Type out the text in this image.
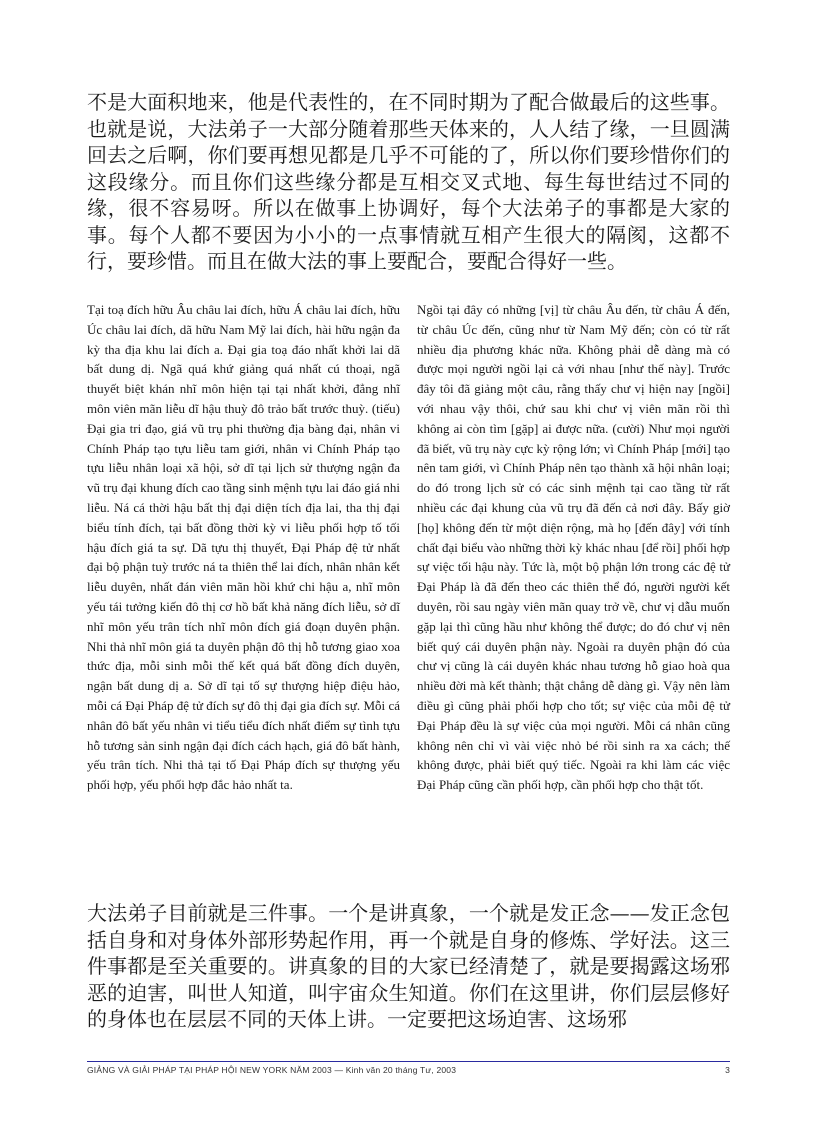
不是大面积地来，他是代表性的，在不同时期为了配合做最后的这些事。也就是说，大法弟子一大部分随着那些天体来的，人人结了缘，一旦圆满回去之后啊，你们要再想见都是几乎不可能的了，所以你们要珍惜你们的这段缘分。而且你们这些缘分都是互相交叉式地、每生每世结过不同的缘，很不容易呀。所以在做事上协调好，每个大法弟子的事都是大家的事。每个人都不要因为小小的一点事情就互相产生很大的隔阂，这都不行，要珍惜。而且在做大法的事上要配合，要配合得好一些。

Tại toạ đích hữu Âu châu lai đích, hữu Á châu lai đích, hữu Úc châu lai đích, dã hữu Nam Mỹ lai đích, hài hữu ngận đa kỳ tha địa khu lai đích a. Đại gia toạ đáo nhất khởi lai dã bất dung dị. Ngã quá khứ giảng quá nhất cú thoại, ngã thuyết biệt khán nhĩ môn hiện tại tại nhất khởi, đẳng nhĩ môn viên mãn liễu dĩ hậu thuỳ đô trảo bất trước thuỳ. (tiếu) Đại gia tri đạo, giá vũ trụ phi thường địa bàng đại, nhân vi Chính Pháp tạo tựu liễu tam giới, nhân vi Chính Pháp tạo tựu liễu nhân loại xã hội, sở dĩ tại lịch sử thượng ngận đa vũ trụ đại khung đích cao tầng sinh mệnh tựu lai đáo giá nhi liễu. Ná cá thời hậu bất thị đại diện tích địa lai, tha thị đại biểu tính đích, tại bất đồng thời kỳ vi liễu phối hợp tố tối hậu đích giá ta sự. Dã tựu thị thuyết, Đại Pháp đệ tử nhất đại bộ phận tuỳ trước ná ta thiên thể lai đích, nhân nhân kết liễu duyên, nhất đán viên mãn hồi khứ chi hậu a, nhĩ môn yếu tái tưởng kiến đô thị cơ hồ bất khả năng đích liễu, sở dĩ nhĩ môn yếu trân tích nhĩ môn đích giá đoạn duyên phận. Nhi thả nhĩ môn giá ta duyên phận đô thị hỗ tương giao xoa thức địa, mỗi sinh mỗi thế kết quá bất đồng đích duyên, ngận bất dung dị a. Sở dĩ tại tố sự thượng hiệp điệu hảo, mỗi cá Đại Pháp đệ tử đích sự đô thị đại gia đích sự. Mỗi cá nhân đô bất yếu nhân vi tiểu tiểu đích nhất điểm sự tình tựu hỗ tương sản sinh ngận đại đích cách hạch, giá đô bất hành, yếu trân tích. Nhi thả tại tố Đại Pháp đích sự thượng yếu phối hợp, yếu phối hợp đắc hảo nhất ta.

Ngồi tại đây có những [vị] từ châu Âu đến, từ châu Á đến, từ châu Úc đến, cũng như từ Nam Mỹ đến; còn có từ rất nhiều địa phương khác nữa. Không phải dễ dàng mà có được mọi người ngồi lại cả với nhau [như thế này]. Trước đây tôi đã giảng một câu, rằng thấy chư vị hiện nay [ngồi] với nhau vậy thôi, chứ sau khi chư vị viên mãn rồi thì không ai còn tìm [gặp] ai được nữa. (cười) Như mọi người đã biết, vũ trụ này cực kỳ rộng lớn; vì Chính Pháp [mới] tạo nên tam giới, vì Chính Pháp nên tạo thành xã hội nhân loại; do đó trong lịch sử có các sinh mệnh tại cao tầng từ rất nhiều các đại khung của vũ trụ đã đến cả nơi đây. Bấy giờ [họ] không đến từ một diện rộng, mà họ [đến đây] với tính chất đại biểu vào những thời kỳ khác nhau [để rồi] phối hợp sự việc tối hậu này. Tức là, một bộ phận lớn trong các đệ tử Đại Pháp là đã đến theo các thiên thể đó, người người kết duyên, rồi sau ngày viên mãn quay trở về, chư vị dẫu muốn gặp lại thì cũng hầu như không thể được; do đó chư vị nên biết quý cái duyên phận này. Ngoài ra duyên phận đó của chư vị cũng là cái duyên khác nhau tương hỗ giao hoà qua nhiều đời mà kết thành; thật chẳng dễ dàng gì. Vậy nên làm điều gì cũng phải phối hợp cho tốt; sự việc của mỗi đệ tử Đại Pháp đều là sự việc của mọi người. Mỗi cá nhân cũng không nên chỉ vì vài việc nhỏ bé rồi sinh ra xa cách; thế không được, phải biết quý tiếc. Ngoài ra khi làm các việc Đại Pháp cũng cần phối hợp, cần phối hợp cho thật tốt.

大法弟子目前就是三件事。一个是讲真象，一个就是发正念——发正念包括自身和对身体外部形势起作用，再一个就是自身的修炼、学好法。这三件事都是至关重要的。讲真象的目的大家已经清楚了，就是要揭露这场邪恶的迫害，叫世人知道，叫宇宙众生知道。你们在这里讲，你们层层修好的身体也在层层不同的天体上讲。一定要把这场迫害、这场邪

GIẢNG VÀ GIẢI PHÁP TẠI PHÁP HỘI NEW YORK NĂM 2003 — Kinh văn 20 tháng Tư, 2003	3
